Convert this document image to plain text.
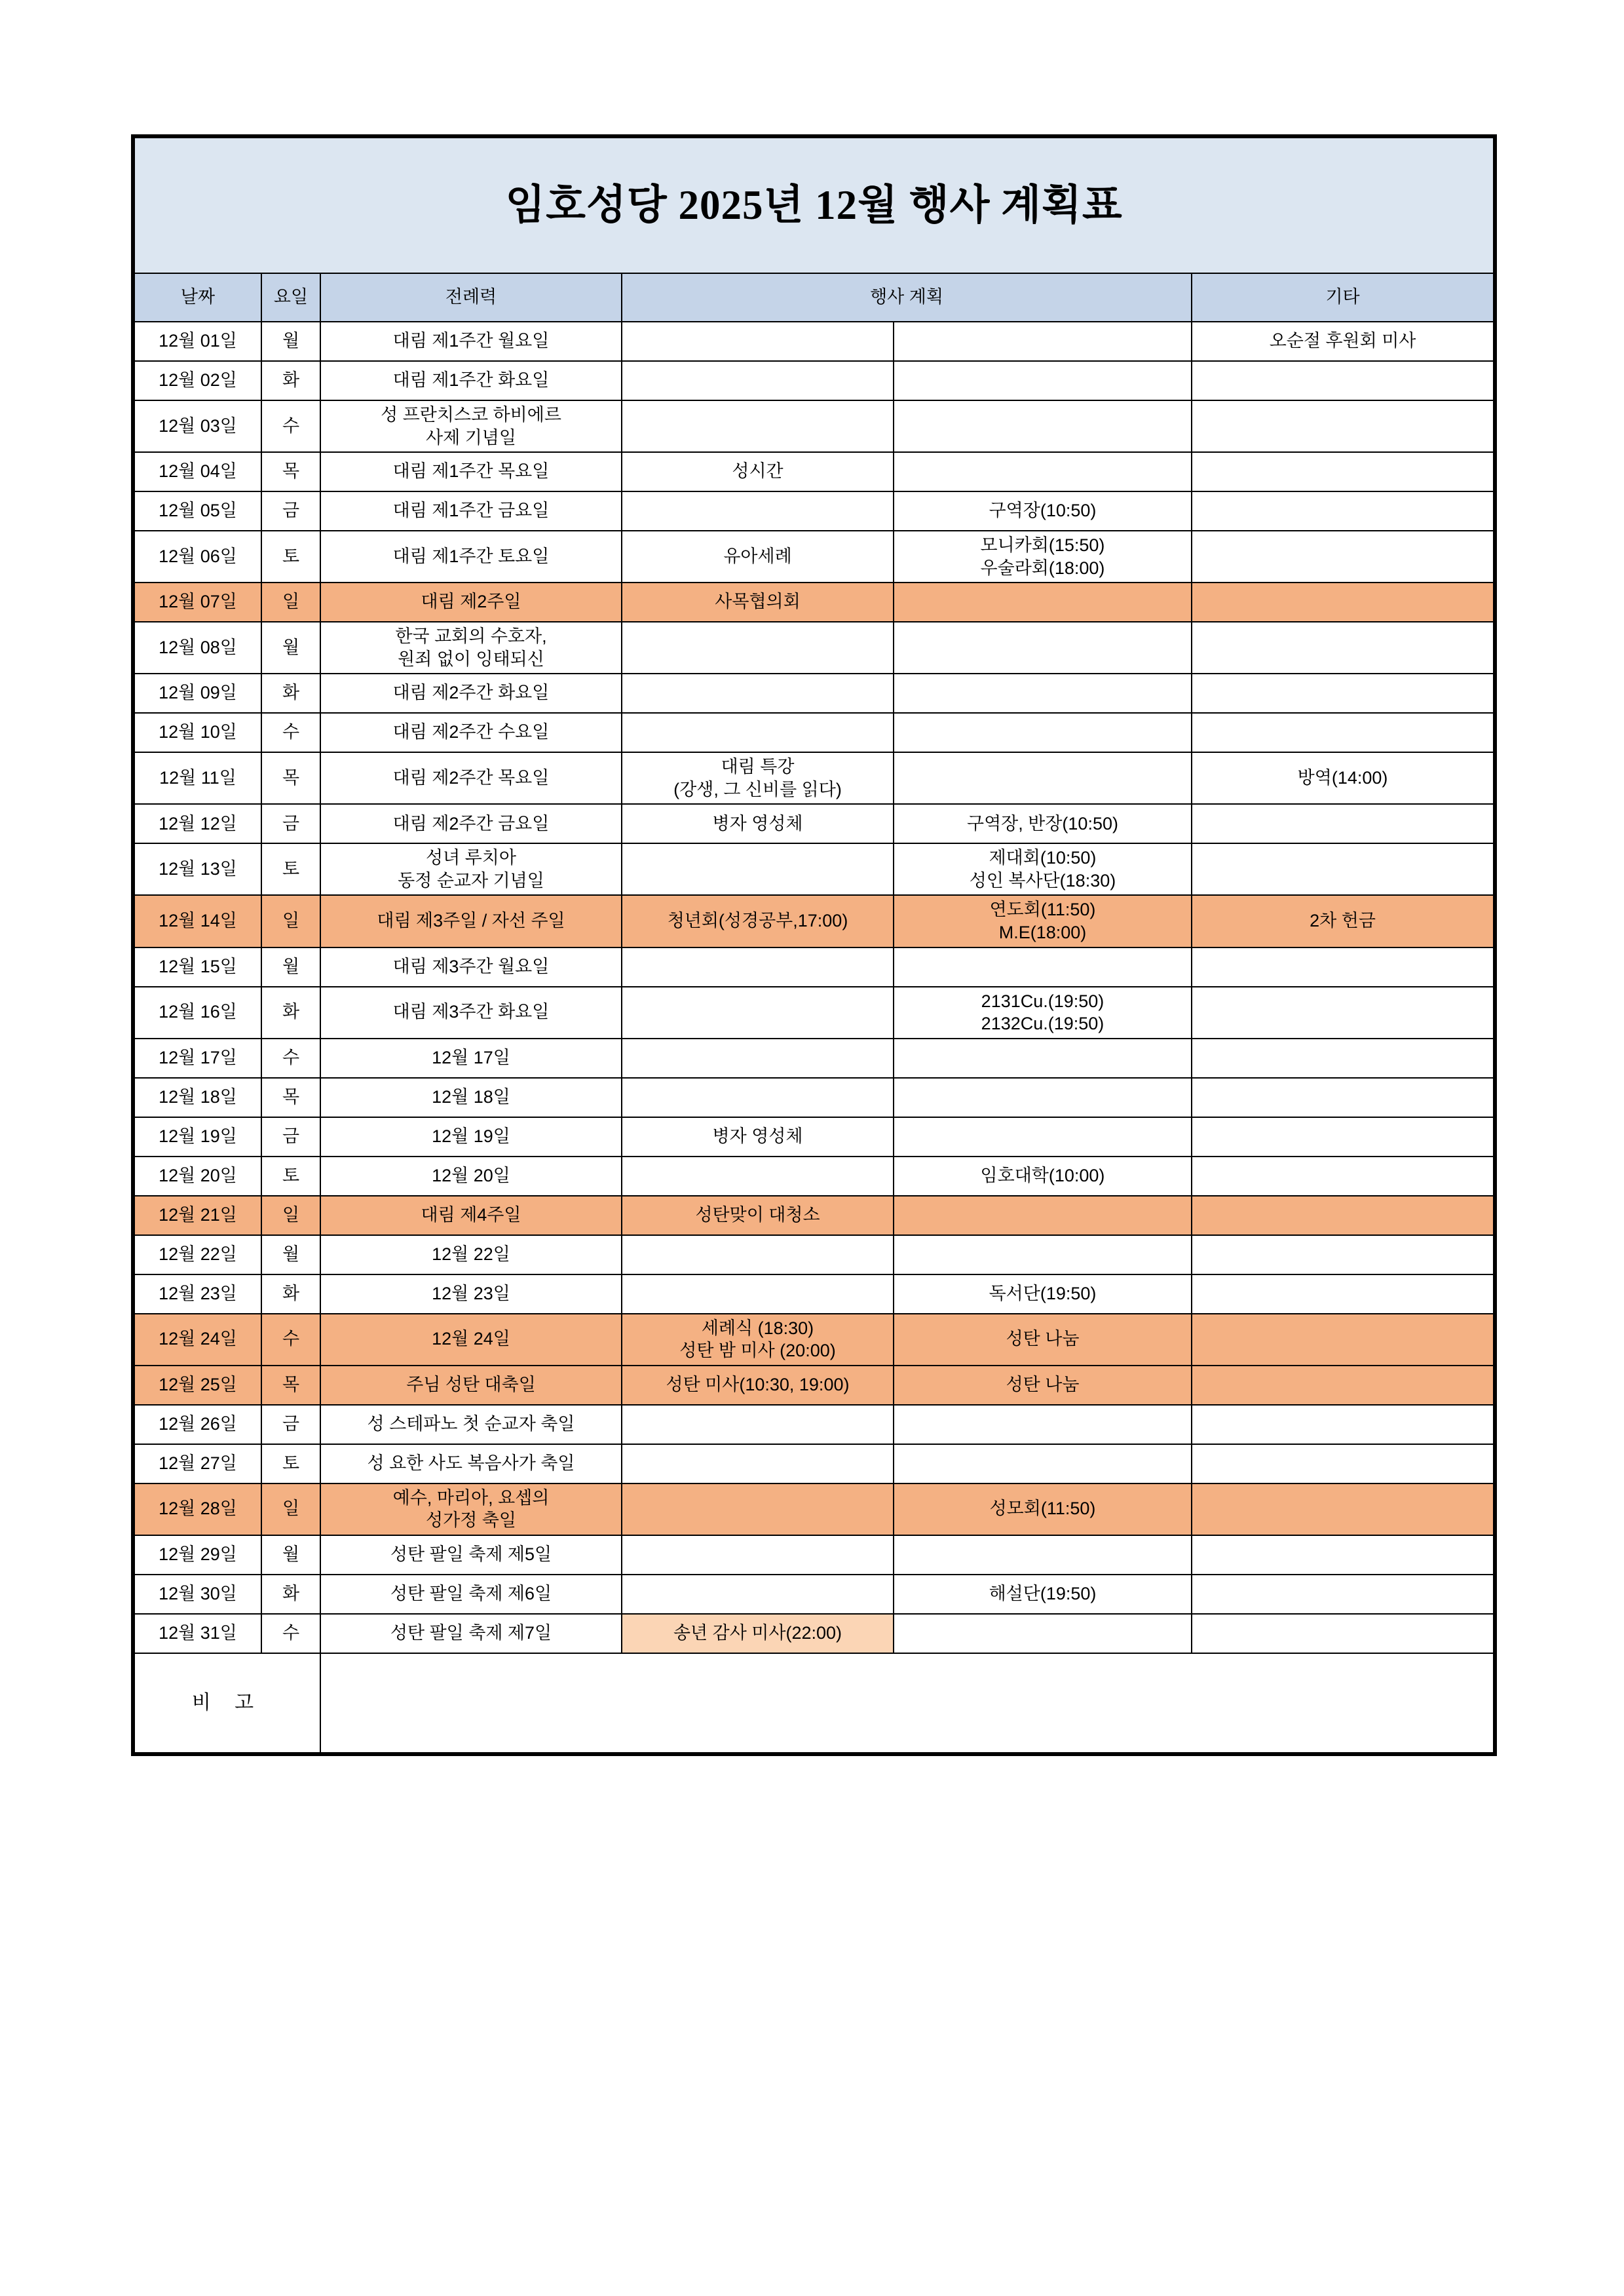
임호성당 2025년 12월 행사 계획표					
날짜	요일	전례력	행사 계획		기타

12월 01일	월	대림 제1주간 월요일			오순절 후원회 미사

12월 02일	화	대림 제1주간 화요일			

12월 03일	수	성 프란치스코 하비에르
사제 기념일			

12월 04일	목	대림 제1주간 목요일	성시간		

12월 05일	금	대림 제1주간 금요일		구역장(10:50)	

12월 06일	토	대림 제1주간 토요일	유아세례	모니카회(15:50)
우술라회(18:00)	

12월 07일	일	대림 제2주일	사목협의회		

12월 08일	월	한국 교회의 수호자,
원죄 없이 잉태되신			

12월 09일	화	대림 제2주간 화요일			

12월 10일	수	대림 제2주간 수요일			

12월 11일	목	대림 제2주간 목요일	대림 특강
(강생, 그 신비를 읽다)		방역(14:00)

12월 12일	금	대림 제2주간 금요일	병자 영성체	구역장, 반장(10:50)	

12월 13일	토	성녀 루치아
동정 순교자 기념일		제대회(10:50)
성인 복사단(18:30)	

12월 14일	일	대림 제3주일 / 자선 주일	청년회(성경공부,17:00)	연도회(11:50)
M.E(18:00)	2차 헌금

12월 15일	월	대림 제3주간 월요일			

12월 16일	화	대림 제3주간 화요일		2131Cu.(19:50)
2132Cu.(19:50)	

12월 17일	수	12월 17일			

12월 18일	목	12월 18일			

12월 19일	금	12월 19일	병자 영성체		

12월 20일	토	12월 20일		임호대학(10:00)	

12월 21일	일	대림 제4주일	성탄맞이 대청소		

12월 22일	월	12월 22일			

12월 23일	화	12월 23일		독서단(19:50)	

12월 24일	수	12월 24일	세례식 (18:30)
성탄 밤 미사 (20:00)	성탄 나눔	

12월 25일	목	주님 성탄 대축일	성탄 미사(10:30, 19:00)	성탄 나눔	

12월 26일	금	성 스테파노 첫 순교자 축일			

12월 27일	토	성 요한 사도 복음사가 축일			

12월 28일	일	예수, 마리아, 요셉의
성가정 축일		성모회(11:50)	

12월 29일	월	성탄 팔일 축제 제5일			

12월 30일	화	성탄 팔일 축제 제6일		해설단(19:50)	

12월 31일	수	성탄 팔일 축제 제7일	송년 감사 미사(22:00)		

비 고					
